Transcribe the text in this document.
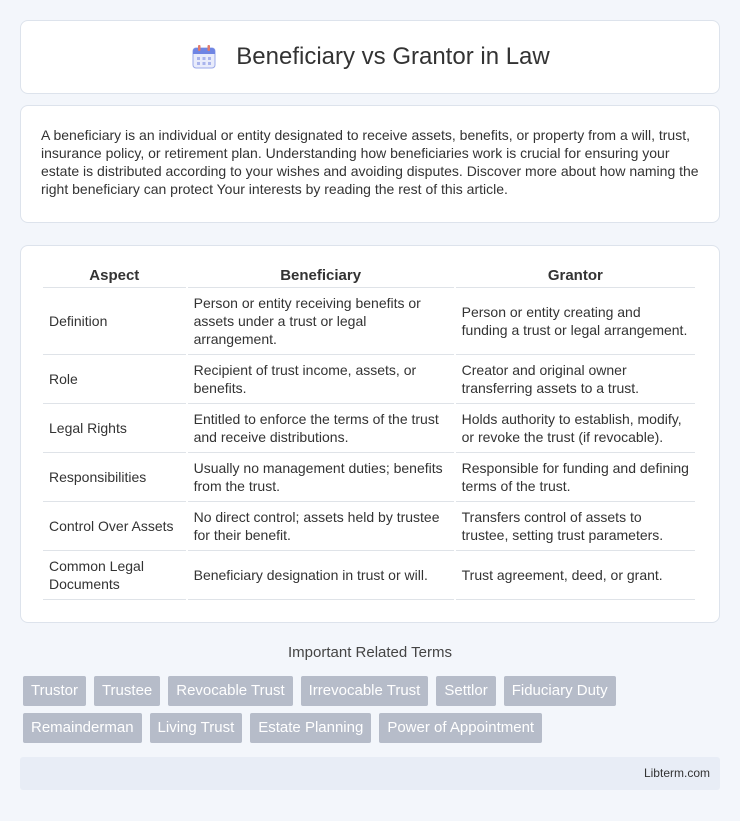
Beneficiary vs Grantor in Law

A beneficiary is an individual or entity designated to receive assets, benefits, or property from a will, trust, insurance policy, or retirement plan. Understanding how beneficiaries work is crucial for ensuring your estate is distributed according to your wishes and avoiding disputes. Discover more about how naming the right beneficiary can protect Your interests by reading the rest of this article.

Aspect	Beneficiary	Grantor
Definition	Person or entity receiving benefits or assets under a trust or legal arrangement.	Person or entity creating and funding a trust or legal arrangement.
Role	Recipient of trust income, assets, or benefits.	Creator and original owner transferring assets to a trust.
Legal Rights	Entitled to enforce the terms of the trust and receive distributions.	Holds authority to establish, modify, or revoke the trust (if revocable).
Responsibilities	Usually no management duties; benefits from the trust.	Responsible for funding and defining terms of the trust.
Control Over Assets	No direct control; assets held by trustee for their benefit.	Transfers control of assets to trustee, setting trust parameters.
Common Legal Documents	Beneficiary designation in trust or will.	Trust agreement, deed, or grant.
Important Related Terms
Trustor	Trustee	Revocable Trust	Irrevocable Trust	Settlor	Fiduciary Duty
Remainderman	Living Trust	Estate Planning	Power of Appointment
Libterm.com
